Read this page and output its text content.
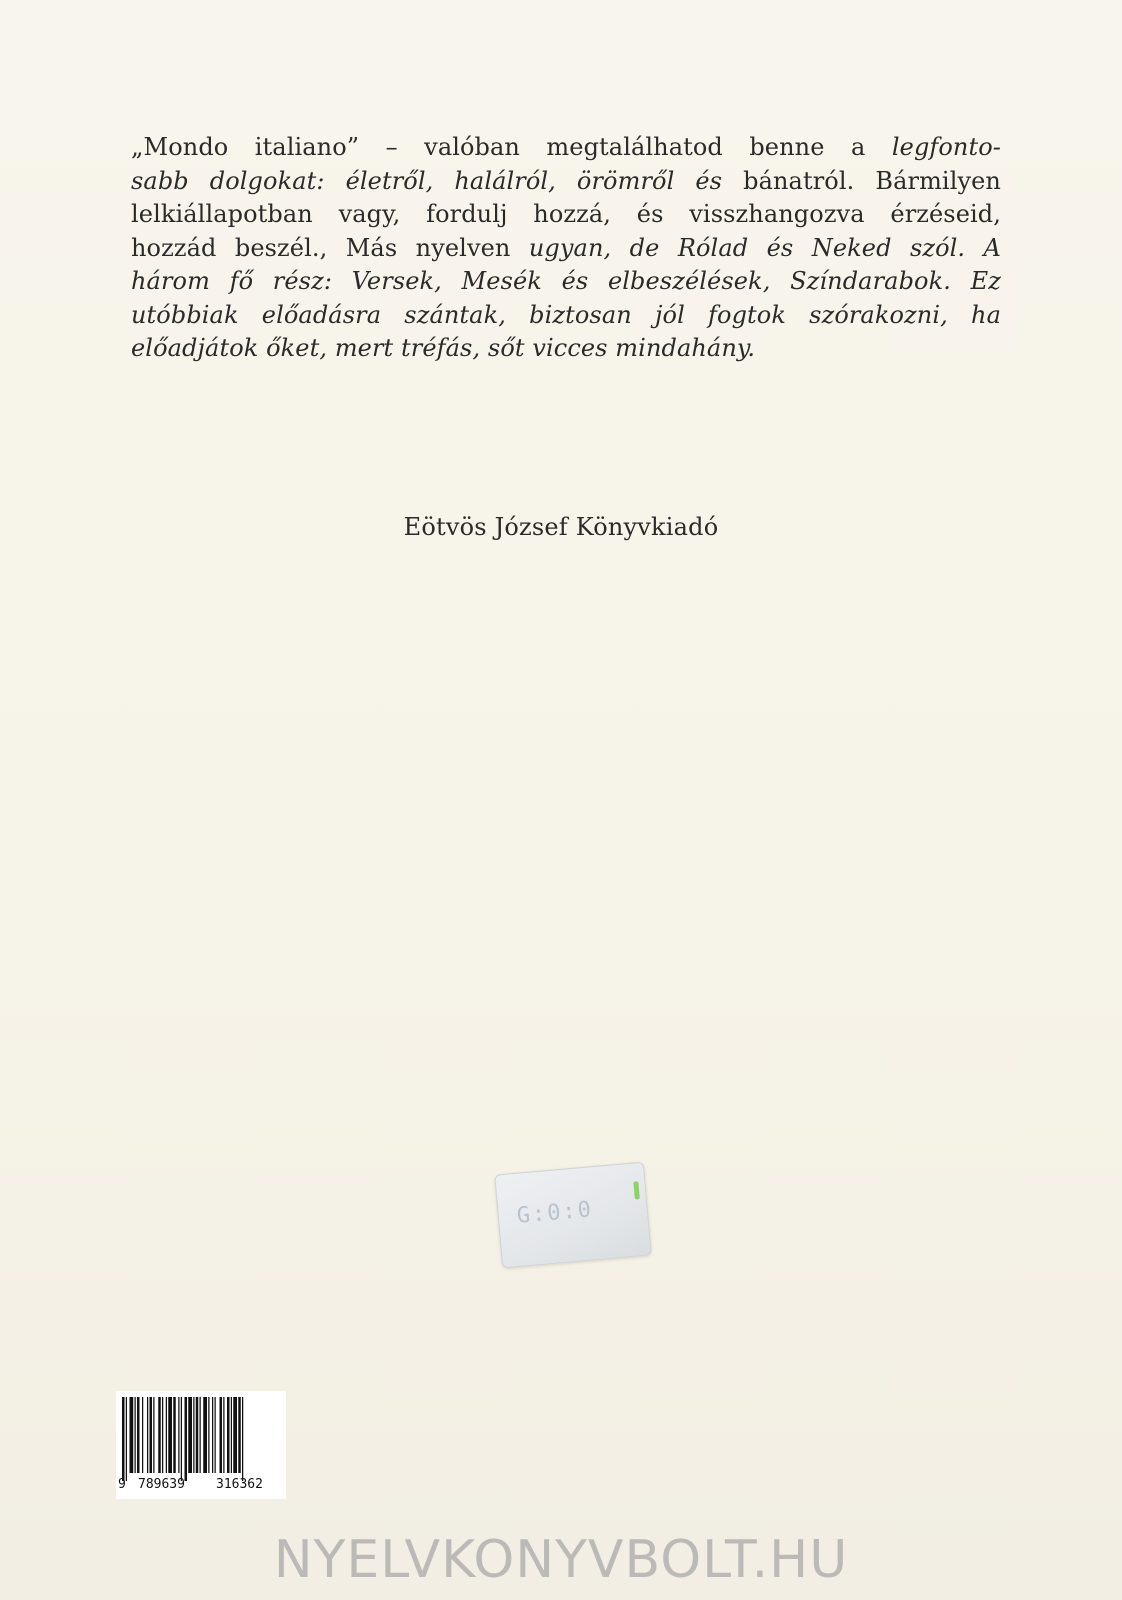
„Mondo italiano” – valóban megtalálhatod benne a legfonto-
sabb dolgokat: életről, halálról, örömről és bánatról. Bármilyen
lelkiállapotban vagy, fordulj hozzá, és visszhangozva érzéseid,
hozzád beszél., Más nyelven ugyan, de Rólad és Neked szól. A
három fő rész: Versek, Mesék és elbeszélések, Színdarabok. Ez
utóbbiak előadásra szántak, biztosan jól fogtok szórakozni, ha
előadjátok őket, mert tréfás, sőt vicces mindahány.
Eötvös József Könyvkiadó
G:0:0
9 789639 316362
NYELVKONYVBOLT.HU
